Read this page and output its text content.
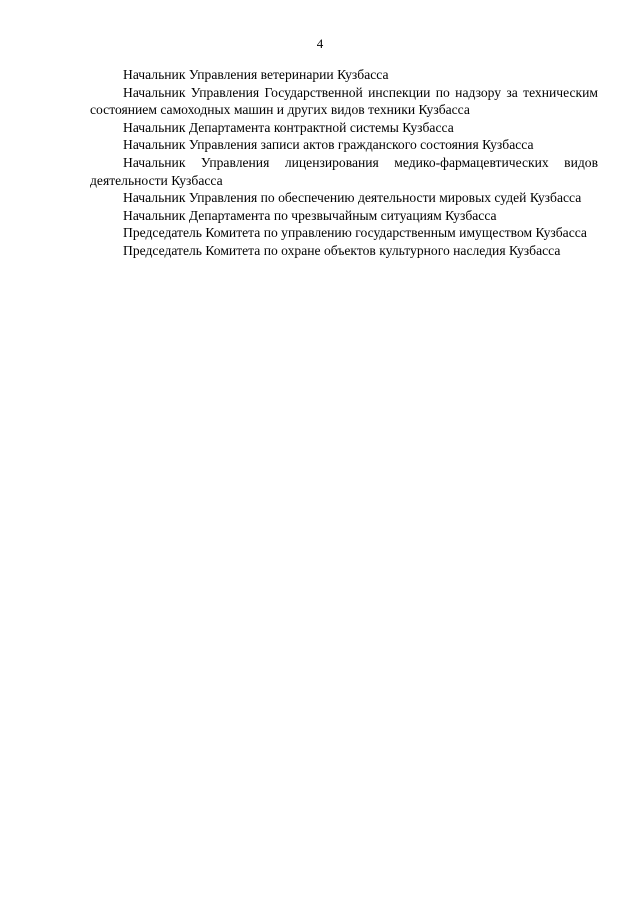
4

Начальник Управления ветеринарии Кузбасса

Начальник Управления Государственной инспекции по надзору за техническим состоянием самоходных машин и других видов техники Кузбасса

Начальник Департамента контрактной системы Кузбасса

Начальник Управления записи актов гражданского состояния Кузбасса

Начальник Управления лицензирования медико-фармацевтических видов деятельности Кузбасса

Начальник Управления по обеспечению деятельности мировых судей Кузбасса

Начальник Департамента по чрезвычайным ситуациям Кузбасса

Председатель Комитета по управлению государственным имуществом Кузбасса

Председатель Комитета по охране объектов культурного наследия Кузбасса
